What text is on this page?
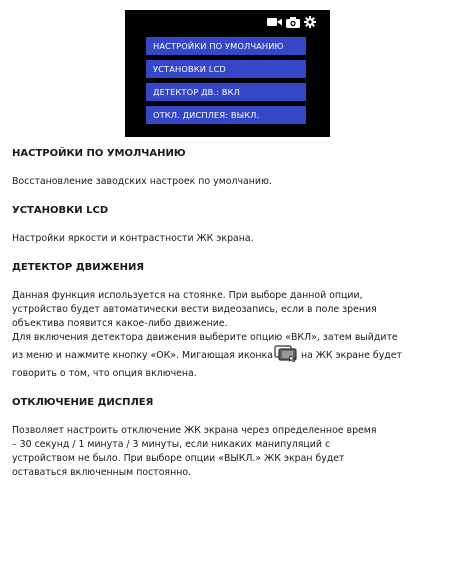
НАСТРОЙКИ ПО УМОЛЧАНИЮ
УСТАНОВКИ LCD
ДЕТЕКТОР ДВ.: ВКЛ
ОТКЛ. ДИСПЛЕЯ: ВЫКЛ.
НАСТРОЙКИ ПО УМОЛЧАНИЮ

Восстановление заводских настроек по умолчанию.

УСТАНОВКИ LCD

Настройки яркости и контрастности ЖК экрана.

ДЕТЕКТОР ДВИЖЕНИЯ

Данная функция используется на стоянке. При выборе данной опции,

устройство будет автоматически вести видеозапись, если в поле зрения

объектива появится какое-либо движение.

Для включения детектора движения выберите опцию «ВКЛ», затем выйдите

из меню и нажмите кнопку «ОК». Мигающая иконка	на ЖК экране будет

говорить о том, что опция включена.

ОТКЛЮЧЕНИЕ ДИСПЛЕЯ

Позволяет настроить отключение ЖК экрана через определенное время

– 30 секунд / 1 минута / 3 минуты, если никаких манипуляций с

устройством не было. При выборе опции «ВЫКЛ.» ЖК экран будет

оставаться включенным постоянно.
